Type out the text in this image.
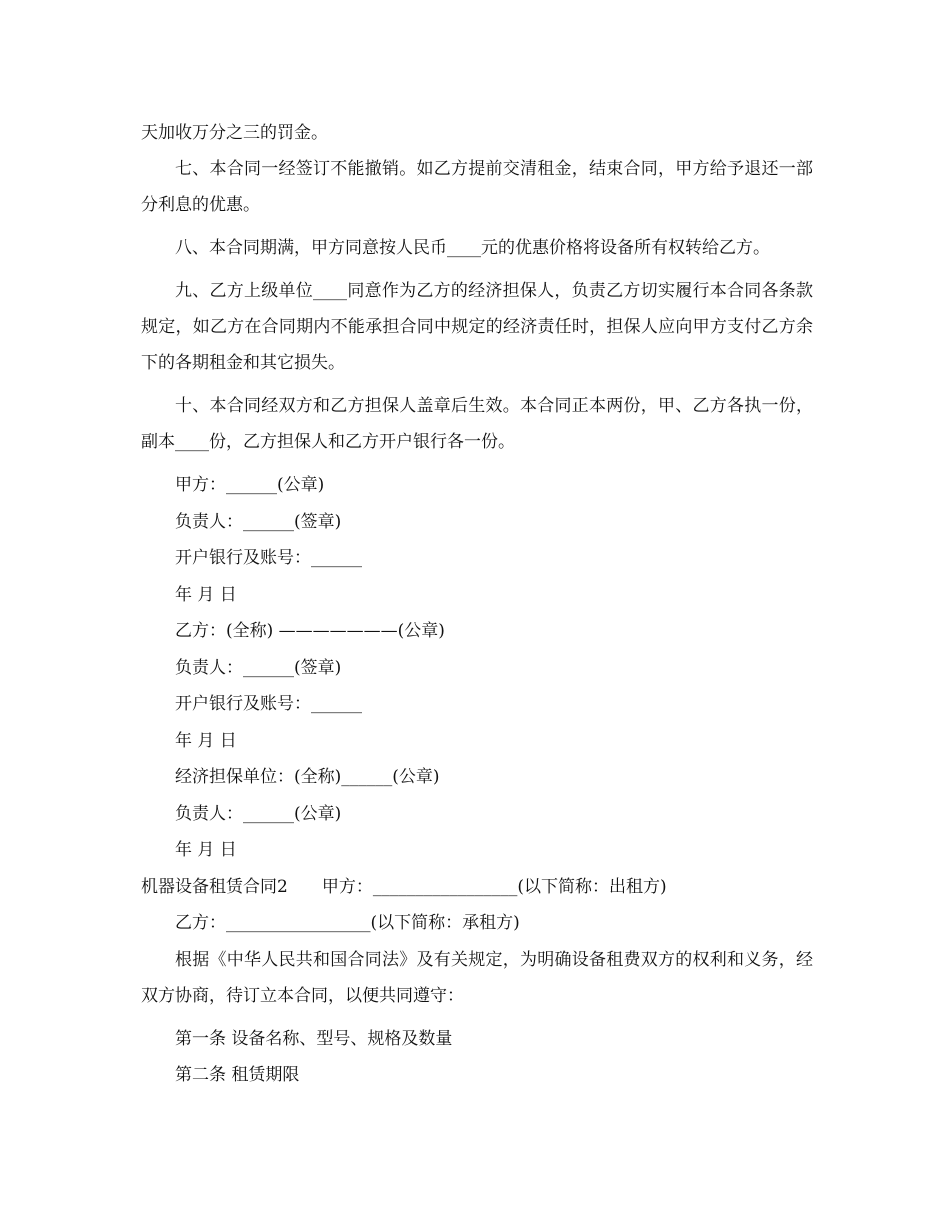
天加收万分之三的罚金。

七、本合同一经签订不能撤销。如乙方提前交清租金，结束合同，甲方给予退还一部分利息的优惠。

八、本合同期满，甲方同意按人民币____元的优惠价格将设备所有权转给乙方。

九、乙方上级单位____同意作为乙方的经济担保人，负责乙方切实履行本合同各条款规定，如乙方在合同期内不能承担合同中规定的经济责任时，担保人应向甲方支付乙方余下的各期租金和其它损失。

十、本合同经双方和乙方担保人盖章后生效。本合同正本两份，甲、乙方各执一份，副本____份，乙方担保人和乙方开户银行各一份。

甲方：______(公章)

负责人：______(签章)

开户银行及账号：______

年 月 日

乙方：(全称) ———————(公章)

负责人：______(签章)

开户银行及账号：______

年 月 日

经济担保单位：(全称)______(公章)

负责人：______(公章)

年 月 日

机器设备租赁合同2　　甲方：_________________(以下简称：出租方)

乙方：_________________(以下简称：承租方)

根据《中华人民共和国合同法》及有关规定，为明确设备租费双方的权利和义务，经双方协商，待订立本合同，以便共同遵守：

第一条 设备名称、型号、规格及数量

第二条 租赁期限
